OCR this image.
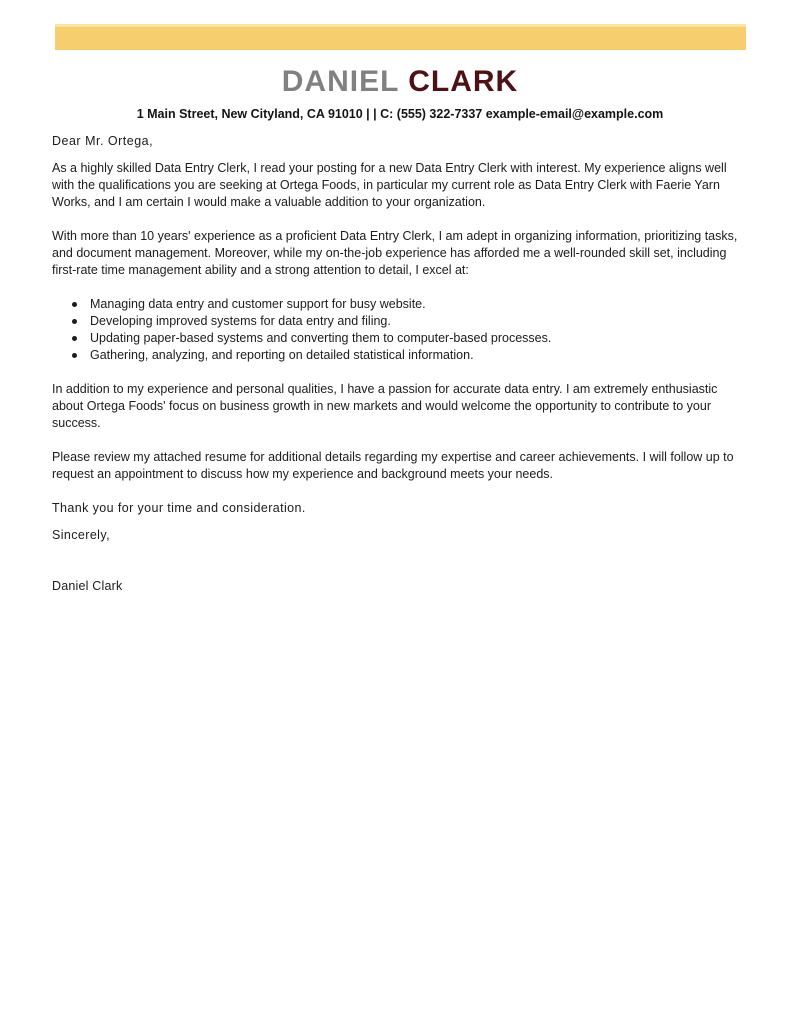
DANIEL CLARK
1 Main Street, New Cityland, CA 91010 | | C: (555) 322-7337 example-email@example.com
Dear Mr. Ortega,

As a highly skilled Data Entry Clerk, I read your posting for a new Data Entry Clerk with interest. My experience aligns well with the qualifications you are seeking at Ortega Foods, in particular my current role as Data Entry Clerk with Faerie Yarn Works, and I am certain I would make a valuable addition to your organization.

With more than 10 years' experience as a proficient Data Entry Clerk, I am adept in organizing information, prioritizing tasks, and document management. Moreover, while my on-the-job experience has afforded me a well-rounded skill set, including first-rate time management ability and a strong attention to detail, I excel at:

Managing data entry and customer support for busy website.
Developing improved systems for data entry and filing.
Updating paper-based systems and converting them to computer-based processes.
Gathering, analyzing, and reporting on detailed statistical information.

In addition to my experience and personal qualities, I have a passion for accurate data entry. I am extremely enthusiastic about Ortega Foods' focus on business growth in new markets and would welcome the opportunity to contribute to your success.

Please review my attached resume for additional details regarding my expertise and career achievements. I will follow up to request an appointment to discuss how my experience and background meets your needs.

Thank you for your time and consideration.
Sincerely,
Daniel Clark
